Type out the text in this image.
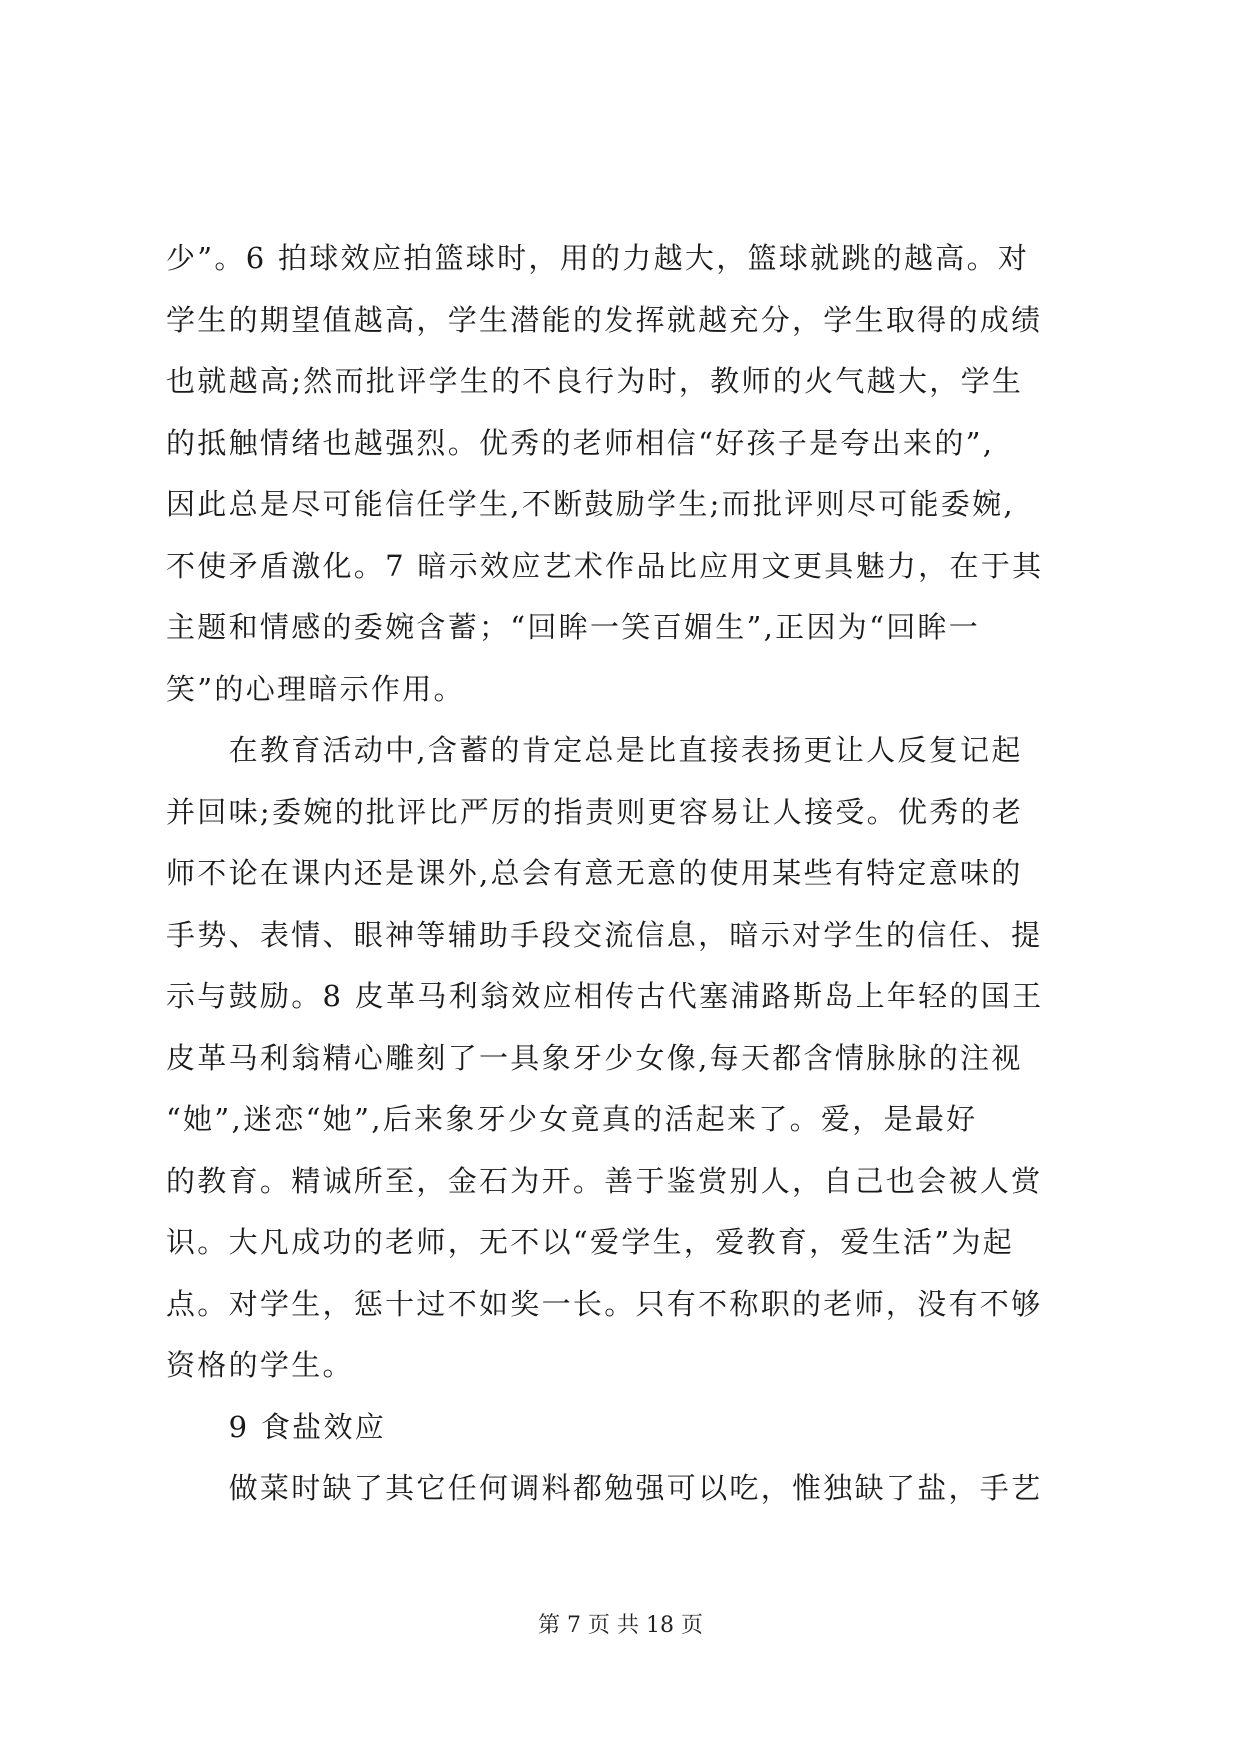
少”。6 拍球效应拍篮球时，用的力越大，篮球就跳的越高。对
学生的期望值越高，学生潜能的发挥就越充分，学生取得的成绩
也就越高;然而批评学生的不良行为时，教师的火气越大，学生
的抵触情绪也越强烈。优秀的老师相信“好孩子是夸出来的”,
因此总是尽可能信任学生,不断鼓励学生;而批评则尽可能委婉,
不使矛盾激化。7 暗示效应艺术作品比应用文更具魅力，在于其
主题和情感的委婉含蓄；“回眸一笑百媚生”,正因为“回眸一
笑”的心理暗示作用。
　　在教育活动中,含蓄的肯定总是比直接表扬更让人反复记起
并回味;委婉的批评比严厉的指责则更容易让人接受。优秀的老
师不论在课内还是课外,总会有意无意的使用某些有特定意味的
手势、表情、眼神等辅助手段交流信息，暗示对学生的信任、提
示与鼓励。8 皮革马利翁效应相传古代塞浦路斯岛上年轻的国王
皮革马利翁精心雕刻了一具象牙少女像,每天都含情脉脉的注视
“她”,迷恋“她”,后来象牙少女竟真的活起来了。爱，是最好
的教育。精诚所至，金石为开。善于鉴赏别人，自己也会被人赏
识。大凡成功的老师，无不以“爱学生，爱教育，爱生活”为起
点。对学生，惩十过不如奖一长。只有不称职的老师，没有不够
资格的学生。
　　9 食盐效应
　　做菜时缺了其它任何调料都勉强可以吃，惟独缺了盐，手艺
第 7 页 共 18 页
